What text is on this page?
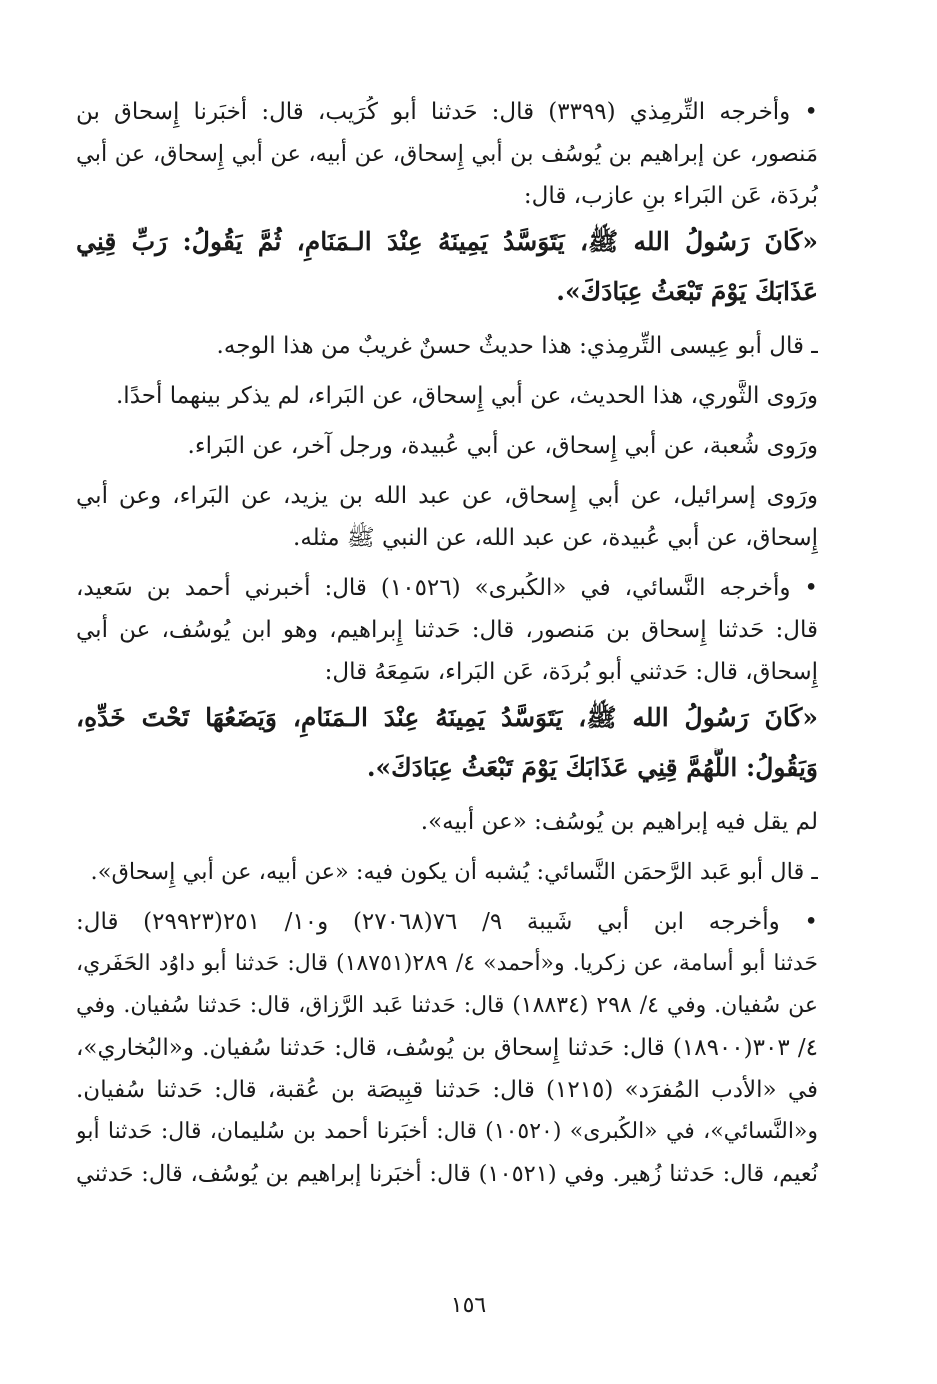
• وأخرجه التِّرمِذي (٣٣٩٩) قال: حَدثنا أبو كُرَيب، قال: أَخبَرنا إِسحاق بن

مَنصور، عن إبراهيم بن يُوسُف بن أَبي إِسحاق، عن أَبيه، عن أَبي إِسحاق، عن أَبي

بُردَة، عَن البَراء بنِ عازب، قال:

«كَانَ رَسُولُ الله ﷺ، يَتَوَسَّدُ يَمِينَهُ عِنْدَ الـمَنَامِ، ثُمَّ يَقُولُ: رَبِّ قِنِي

عَذَابَكَ يَوْمَ تَبْعَثُ عِبَادَكَ».

ـ قال أَبو عِيسى التِّرمِذي: هذا حديثٌ حسنٌ غريبٌ من هذا الوجه.

ورَوى الثَّوري، هذا الحديث، عن أَبي إِسحاق، عن البَراء، لم يذكر بينهما أحدًا.

ورَوى شُعبة، عن أَبي إِسحاق، عن أَبي عُبيدة، ورجل آخر، عن البَراء.

ورَوى إسرائيل، عن أَبي إِسحاق، عن عبد الله بن يزيد، عن البَراء، وعن أَبي

إِسحاق، عن أَبي عُبيدة، عن عبد الله، عن النبي ﷺ مثله.

• وأخرجه النَّسائي، في «الكُبرى» (١٠٥٢٦) قال: أخبرني أحمد بن سَعيد،

قال: حَدثنا إِسحاق بن مَنصور، قال: حَدثنا إِبراهيم، وهو ابن يُوسُف، عن أَبي

إِسحاق، قال: حَدثني أَبو بُردَة، عَن البَراء، سَمِعَهُ قال:

«كَانَ رَسُولُ الله ﷺ، يَتَوَسَّدُ يَمِينَهُ عِنْدَ الـمَنَامِ، وَيَضَعُهَا تَحْتَ خَدِّهِ،

وَيَقُولُ: اللَّهُمَّ قِنِي عَذَابَكَ يَوْمَ تَبْعَثُ عِبَادَكَ».

لم يقل فيه إبراهيم بن يُوسُف: «عن أَبيه».

ـ قال أَبو عَبد الرَّحمَن النَّسائي: يُشبه أن يكون فيه: «عن أَبيه، عن أَبي إِسحاق».

• وأخرجه ابن أَبي شَيبة ٩/ ٧٦(٢٧٠٦٨) و١٠/ ٢٥١(٢٩٩٢٣) قال:

حَدثنا أَبو أُسامة، عن زكريا. و«أحمد» ٤/ ٢٨٩(١٨٧٥١) قال: حَدثنا أَبو داوُد الحَفَري،

عن سُفيان. وفي ٤/ ٢٩٨ (١٨٨٣٤) قال: حَدثنا عَبد الرَّزاق، قال: حَدثنا سُفيان. وفي

٤/ ٣٠٣(١٨٩٠٠) قال: حَدثنا إِسحاق بن يُوسُف، قال: حَدثنا سُفيان. و«البُخاري»،

في «الأدب المُفرَد» (١٢١٥) قال: حَدثنا قبِيصَة بن عُقبة، قال: حَدثنا سُفيان.

و«النَّسائي»، في «الكُبرى» (١٠٥٢٠) قال: أَخبَرنا أحمد بن سُليمان، قال: حَدثنا أبو

نُعيم، قال: حَدثنا زُهير. وفي (١٠٥٢١) قال: أَخبَرنا إبراهيم بن يُوسُف، قال: حَدثني

١٥٦
